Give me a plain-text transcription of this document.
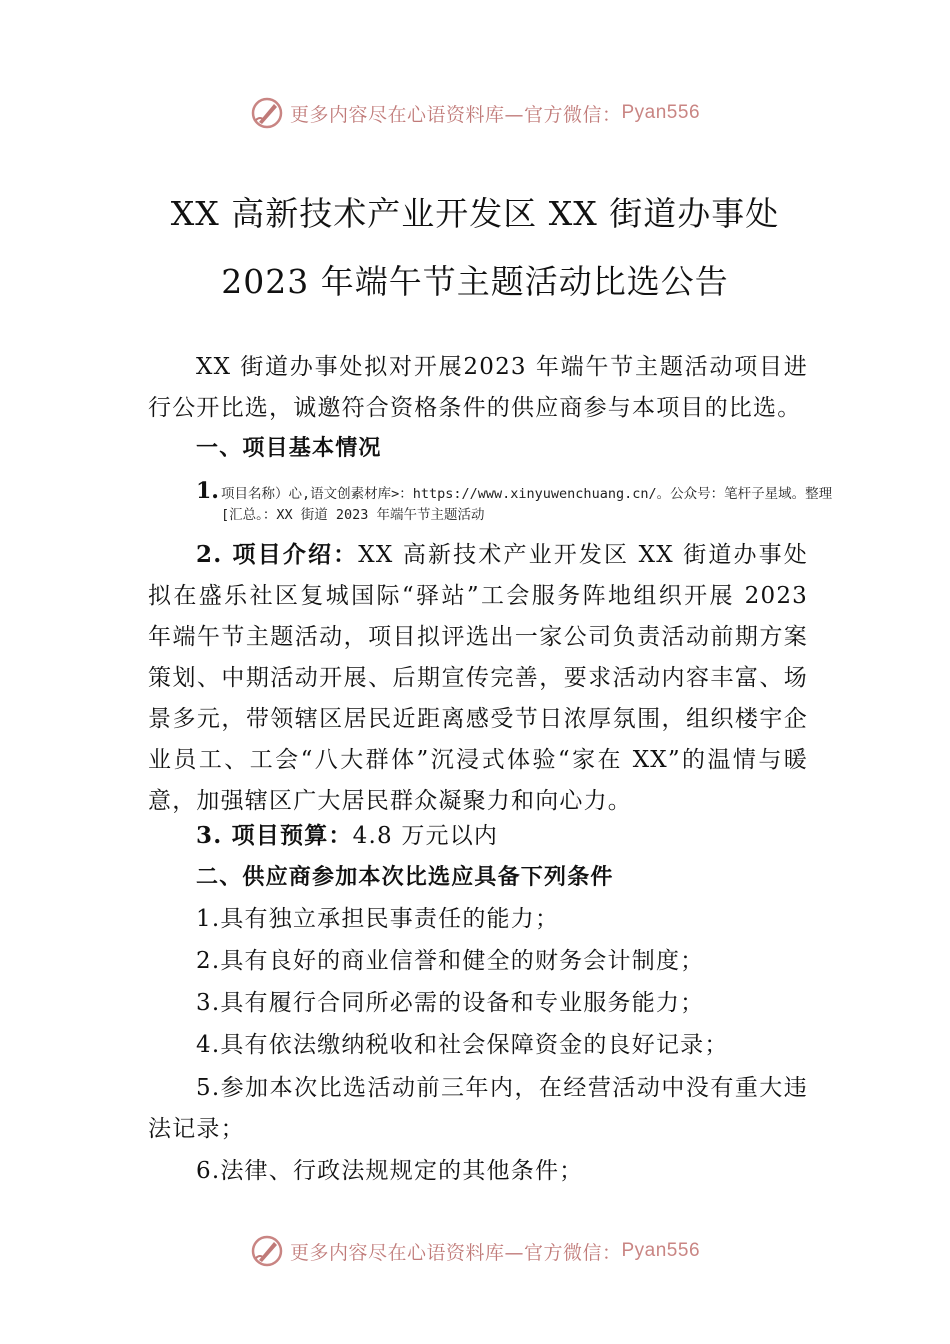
更多内容尽在心语资料库—官方微信： Pyan556
XX 高新技术产业开发区 XX 街道办事处
2023 年端午节主题活动比选公告
XX 街道办事处拟对开展2023 年端午节主题活动项目进行公开比选，诚邀符合资格条件的供应商参与本项目的比选。
一、项目基本情况
1. 项目名称）心,语文创素材库>：https://www.xinyuwenchuang.cn/。公众号：笔杆子星域。整理[汇总。：XX 街道 2023 年端午节主题活动
2. 项目介绍：XX 高新技术产业开发区 XX 街道办事处拟在盛乐社区复城国际“驿站”工会服务阵地组织开展 2023 年端午节主题活动，项目拟评选出一家公司负责活动前期方案策划、中期活动开展、后期宣传完善，要求活动内容丰富、场景多元，带领辖区居民近距离感受节日浓厚氛围，组织楼宇企业员工、工会“八大群体”沉浸式体验“家在 XX”的温情与暖意，加强辖区广大居民群众凝聚力和向心力。
3. 项目预算：4.8 万元以内
二、供应商参加本次比选应具备下列条件
1.具有独立承担民事责任的能力；
2.具有良好的商业信誉和健全的财务会计制度；
3.具有履行合同所必需的设备和专业服务能力；
4.具有依法缴纳税收和社会保障资金的良好记录；
5.参加本次比选活动前三年内，在经营活动中没有重大违法记录；
6.法律、行政法规规定的其他条件；
更多内容尽在心语资料库—官方微信： Pyan556
